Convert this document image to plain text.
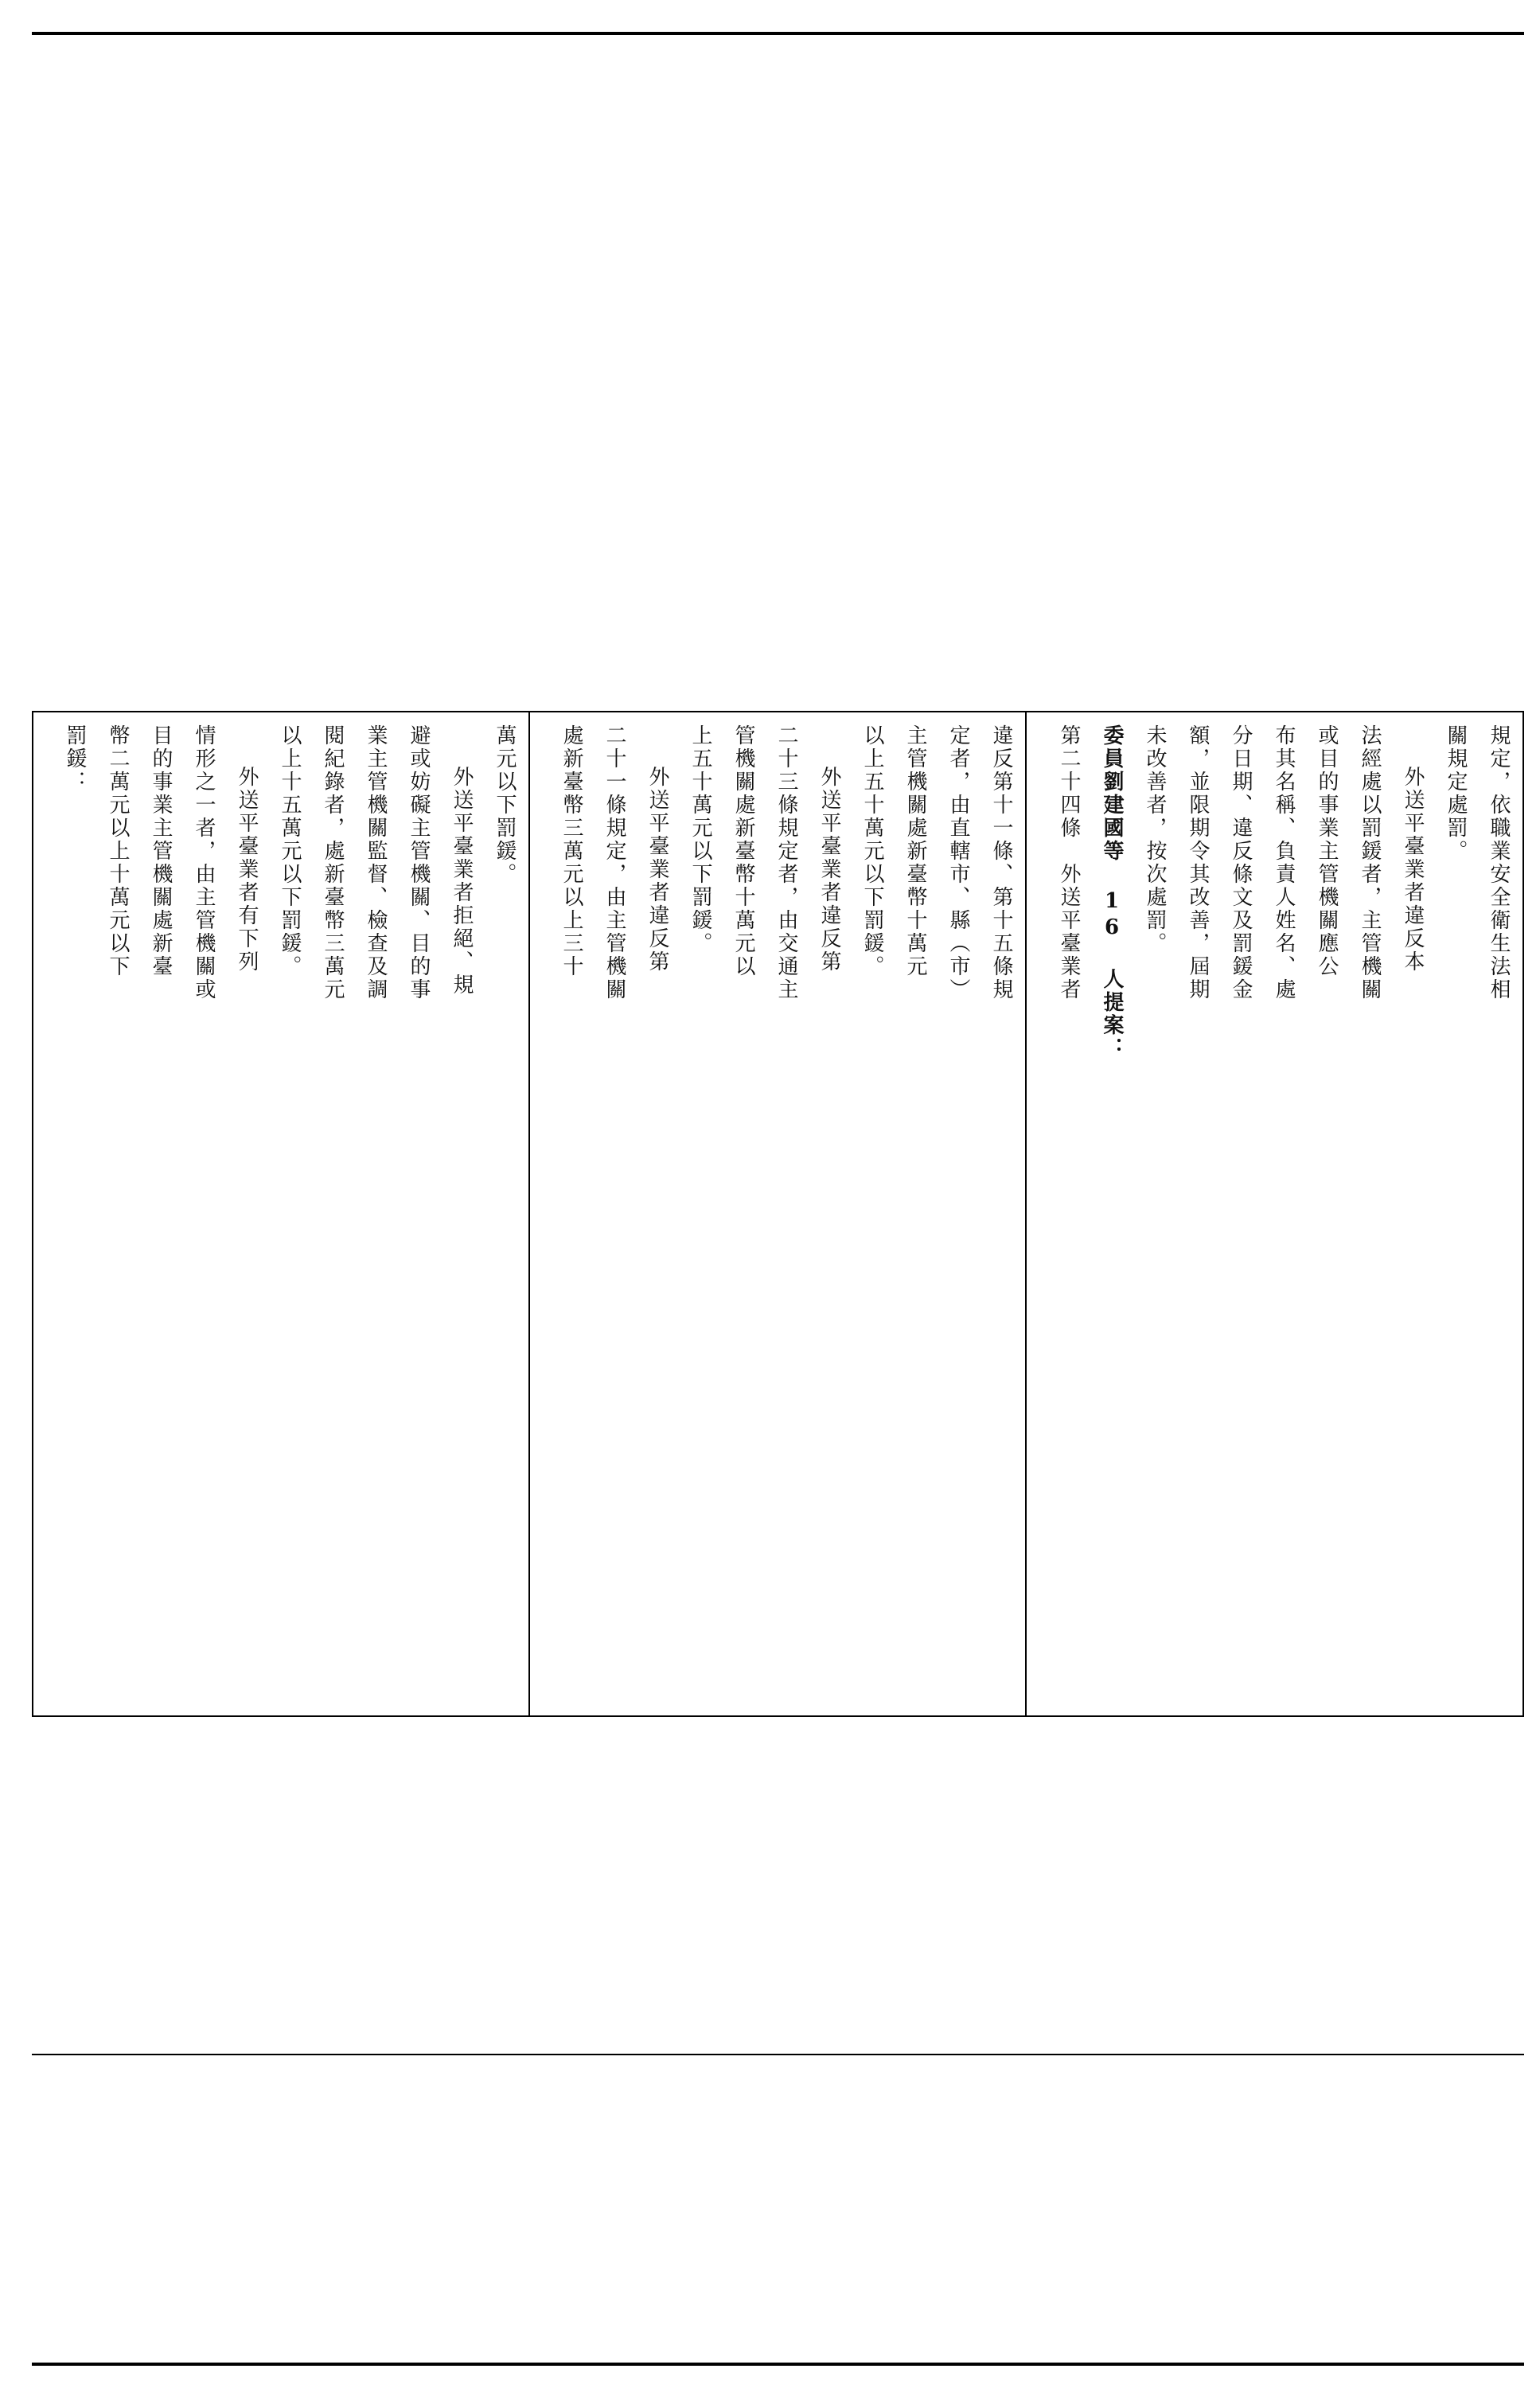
規定，依職業安全衛生法相
關規定處罰。
外送平臺業者違反本
法經處以罰鍰者，主管機關
或目的事業主管機關應公
布其名稱、負責人姓名、處
分日期、違反條文及罰鍰金
額，並限期令其改善，屆期
未改善者，按次處罰。
委員劉建國等 16 人提案：
第二十四條　外送平臺業者
違反第十一條、第十五條規
定者，由直轄市、縣（市）
主管機關處新臺幣十萬元
以上五十萬元以下罰鍰。
外送平臺業者違反第
二十三條規定者，由交通主
管機關處新臺幣十萬元以
上五十萬元以下罰鍰。
外送平臺業者違反第
二十一條規定，由主管機關
處新臺幣三萬元以上三十
萬元以下罰鍰。
外送平臺業者拒絕、規
避或妨礙主管機關、目的事
業主管機關監督、檢查及調
閱紀錄者，處新臺幣三萬元
以上十五萬元以下罰鍰。
外送平臺業者有下列
情形之一者，由主管機關或
目的事業主管機關處新臺
幣二萬元以上十萬元以下
罰鍰：
